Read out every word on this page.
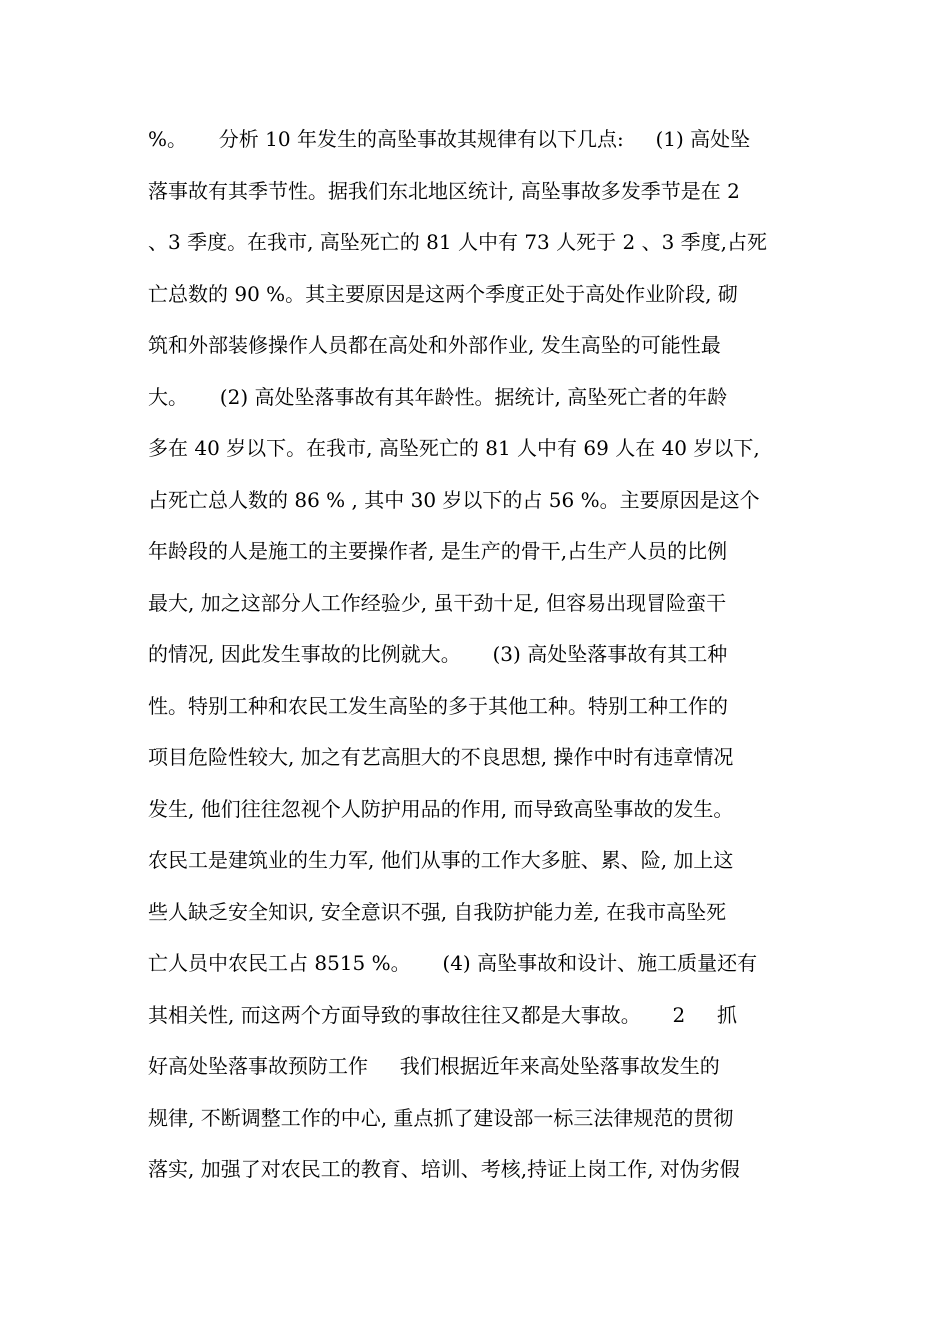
%。     分析 10 年发生的高坠事故其规律有以下几点:     (1) 高处坠
落事故有其季节性。据我们东北地区统计, 高坠事故多发季节是在 2
、3 季度。在我市, 高坠死亡的 81 人中有 73 人死于 2 、3 季度,占死
亡总数的 90 %。其主要原因是这两个季度正处于高处作业阶段, 砌
筑和外部装修操作人员都在高处和外部作业, 发生高坠的可能性最
大。     (2) 高处坠落事故有其年龄性。据统计, 高坠死亡者的年龄
多在 40 岁以下。在我市, 高坠死亡的 81 人中有 69 人在 40 岁以下,
占死亡总人数的 86 % , 其中 30 岁以下的占 56 %。主要原因是这个
年龄段的人是施工的主要操作者, 是生产的骨干,占生产人员的比例
最大, 加之这部分人工作经验少, 虽干劲十足, 但容易出现冒险蛮干
的情况, 因此发生事故的比例就大。     (3) 高处坠落事故有其工种
性。特别工种和农民工发生高坠的多于其他工种。特别工种工作的
项目危险性较大, 加之有艺高胆大的不良思想, 操作中时有违章情况
发生, 他们往往忽视个人防护用品的作用, 而导致高坠事故的发生。
农民工是建筑业的生力军, 他们从事的工作大多脏、累、险, 加上这
些人缺乏安全知识, 安全意识不强, 自我防护能力差, 在我市高坠死
亡人员中农民工占 8515 %。     (4) 高坠事故和设计、施工质量还有
其相关性, 而这两个方面导致的事故往往又都是大事故。     2     抓
好高处坠落事故预防工作     我们根据近年来高处坠落事故发生的
规律, 不断调整工作的中心, 重点抓了建设部一标三法律规范的贯彻
落实, 加强了对农民工的教育、培训、考核,持证上岗工作, 对伪劣假
